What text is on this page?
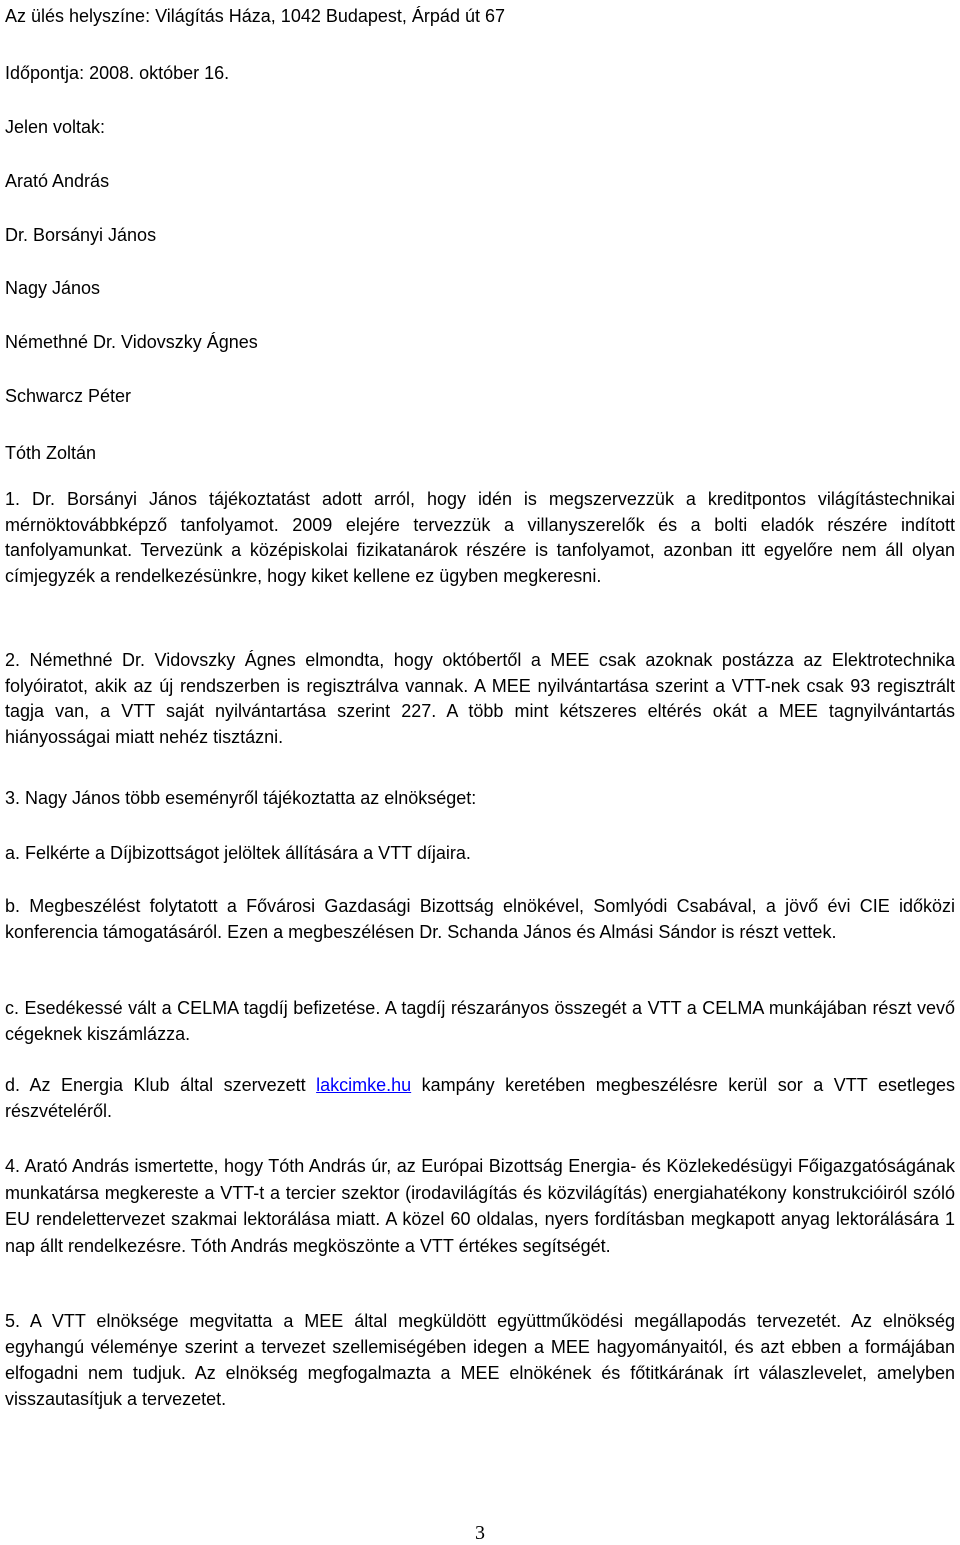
Az ülés helyszíne: Világítás Háza, 1042 Budapest, Árpád út 67
Időpontja: 2008. október 16.
Jelen voltak:
Arató András
Dr. Borsányi János
Nagy János
Némethné Dr. Vidovszky Ágnes
Schwarcz Péter
Tóth Zoltán
1. Dr. Borsányi János tájékoztatást adott arról, hogy idén is megszervezzük a kreditpontos világítástechnikai mérnöktovábbképző tanfolyamot. 2009 elejére tervezzük a villanyszerelők és a bolti eladók részére indított tanfolyamunkat. Tervezünk a középiskolai fizikatanárok részére is tanfolyamot, azonban itt egyelőre nem áll olyan címjegyzék a rendelkezésünkre, hogy kiket kellene ez ügyben megkeresni.
2. Némethné Dr. Vidovszky Ágnes elmondta, hogy októbertől a MEE csak azoknak postázza az Elektrotechnika folyóiratot, akik az új rendszerben is regisztrálva vannak. A MEE nyilvántartása szerint a VTT-nek csak 93 regisztrált tagja van, a VTT saját nyilvántartása szerint 227. A több mint kétszeres eltérés okát a MEE tagnyilvántartás hiányosságai miatt nehéz tisztázni.
3. Nagy János több eseményről tájékoztatta az elnökséget:
a. Felkérte a Díjbizottságot jelöltek állítására a VTT díjaira.
b. Megbeszélést folytatott a Fővárosi Gazdasági Bizottság elnökével, Somlyódi Csabával, a jövő évi CIE időközi konferencia támogatásáról. Ezen a megbeszélésen Dr. Schanda János és Almási Sándor is részt vettek.
c. Esedékessé vált a CELMA tagdíj befizetése. A tagdíj részarányos összegét a VTT a CELMA munkájában részt vevő cégeknek kiszámlázza.
d. Az Energia Klub által szervezett lakcimke.hu kampány keretében megbeszélésre kerül sor a VTT esetleges részvételéről.
4. Arató András ismertette, hogy Tóth András úr, az Európai Bizottság Energia- és Közlekedésügyi Főigazgatóságának munkatársa megkereste a VTT-t a tercier szektor (irodavilágítás és közvilágítás) energiahatékony konstrukcióiról szóló EU rendelettervezet szakmai lektorálása miatt. A közel 60 oldalas, nyers fordításban megkapott anyag lektorálására 1 nap állt rendelkezésre. Tóth András megköszönte a VTT értékes segítségét.
5. A VTT elnöksége megvitatta a MEE által megküldött együttműködési megállapodás tervezetét. Az elnökség egyhangú véleménye szerint a tervezet szellemiségében idegen a MEE hagyományaitól, és azt ebben a formájában elfogadni nem tudjuk. Az elnökség megfogalmazta a MEE elnökének és főtitkárának írt válaszlevelet, amelyben visszautasítjuk a tervezetet.
3
